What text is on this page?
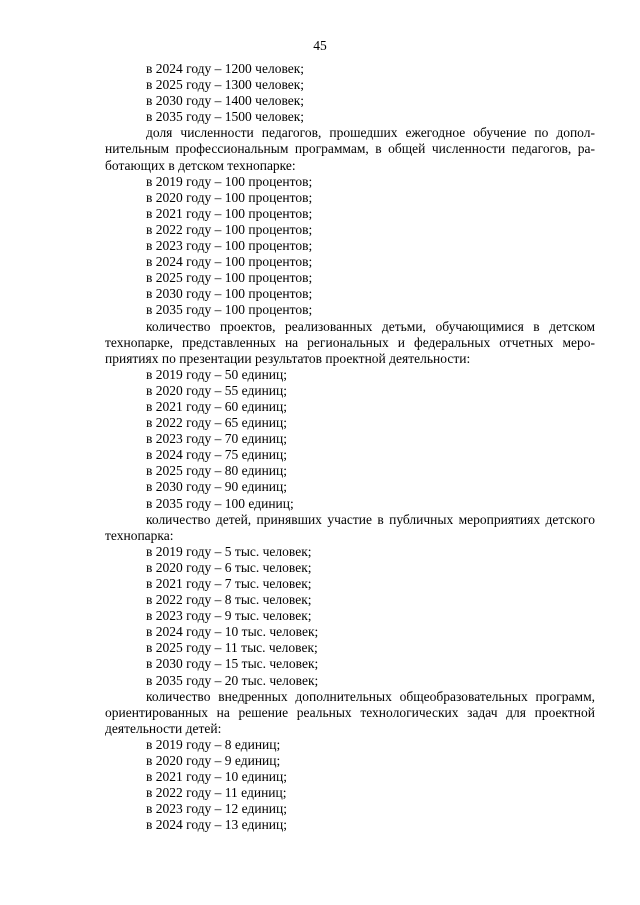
45
в 2024 году – 1200 человек;
в 2025 году – 1300 человек;
в 2030 году – 1400 человек;
в 2035 году – 1500 человек;
доля численности педагогов, прошедших ежегодное обучение по дополнительным профессиональным программам, в общей численности педагогов, работающих в детском технопарке:
в 2019 году – 100 процентов;
в 2020 году – 100 процентов;
в 2021 году – 100 процентов;
в 2022 году – 100 процентов;
в 2023 году – 100 процентов;
в 2024 году – 100 процентов;
в 2025 году – 100 процентов;
в 2030 году – 100 процентов;
в 2035 году – 100 процентов;
количество проектов, реализованных детьми, обучающимися в детском технопарке, представленных на региональных и федеральных отчетных мероприятиях по презентации результатов проектной деятельности:
в 2019 году – 50 единиц;
в 2020 году – 55 единиц;
в 2021 году – 60 единиц;
в 2022 году – 65 единиц;
в 2023 году – 70 единиц;
в 2024 году – 75 единиц;
в 2025 году – 80 единиц;
в 2030 году – 90 единиц;
в 2035 году – 100 единиц;
количество детей, принявших участие в публичных мероприятиях детского технопарка:
в 2019 году – 5 тыс. человек;
в 2020 году – 6 тыс. человек;
в 2021 году – 7 тыс. человек;
в 2022 году – 8 тыс. человек;
в 2023 году – 9 тыс. человек;
в 2024 году – 10 тыс. человек;
в 2025 году – 11 тыс. человек;
в 2030 году – 15 тыс. человек;
в 2035 году – 20 тыс. человек;
количество внедренных дополнительных общеобразовательных программ, ориентированных на решение реальных технологических задач для проектной деятельности детей:
в 2019 году – 8 единиц;
в 2020 году – 9 единиц;
в 2021 году – 10 единиц;
в 2022 году – 11 единиц;
в 2023 году – 12 единиц;
в 2024 году – 13 единиц;
